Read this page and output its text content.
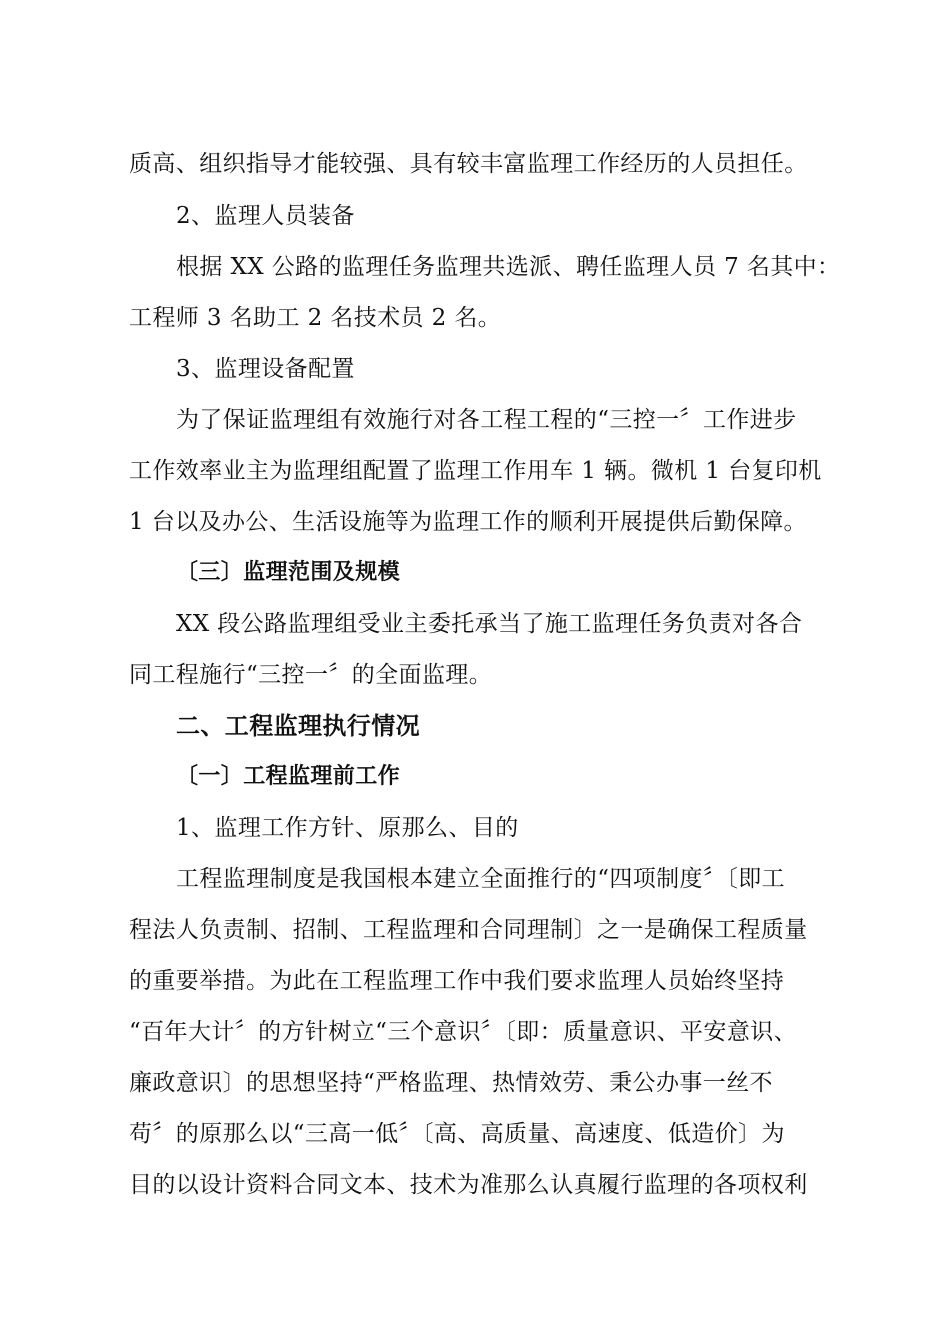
质高、组织指导才能较强、具有较丰富监理工作经历的人员担任。
2、监理人员装备
根据 XX 公路的监理任务监理共选派、聘任监理人员 7 名其中：
工程师 3 名助工 2 名技术员 2 名。
3、监理设备配置
为了保证监理组有效施行对各工程工程的“三控一〞工作进步
工作效率业主为监理组配置了监理工作用车 1 辆。微机 1 台复印机
1 台以及办公、生活设施等为监理工作的顺利开展提供后勤保障。
〔三〕监理范围及规模
XX 段公路监理组受业主委托承当了施工监理任务负责对各合
同工程施行“三控一〞的全面监理。
二、工程监理执行情况
〔一〕工程监理前工作
1、监理工作方针、原那么、目的
工程监理制度是我国根本建立全面推行的“四项制度〞〔即工
程法人负责制、招制、工程监理和合同理制〕之一是确保工程质量
的重要举措。为此在工程监理工作中我们要求监理人员始终坚持
“百年大计〞的方针树立“三个意识〞〔即：质量意识、平安意识、
廉政意识〕的思想坚持“严格监理、热情效劳、秉公办事一丝不
苟〞的原那么以“三高一低〞〔高、高质量、高速度、低造价〕为
目的以设计资料合同文本、技术为准那么认真履行监理的各项权利
